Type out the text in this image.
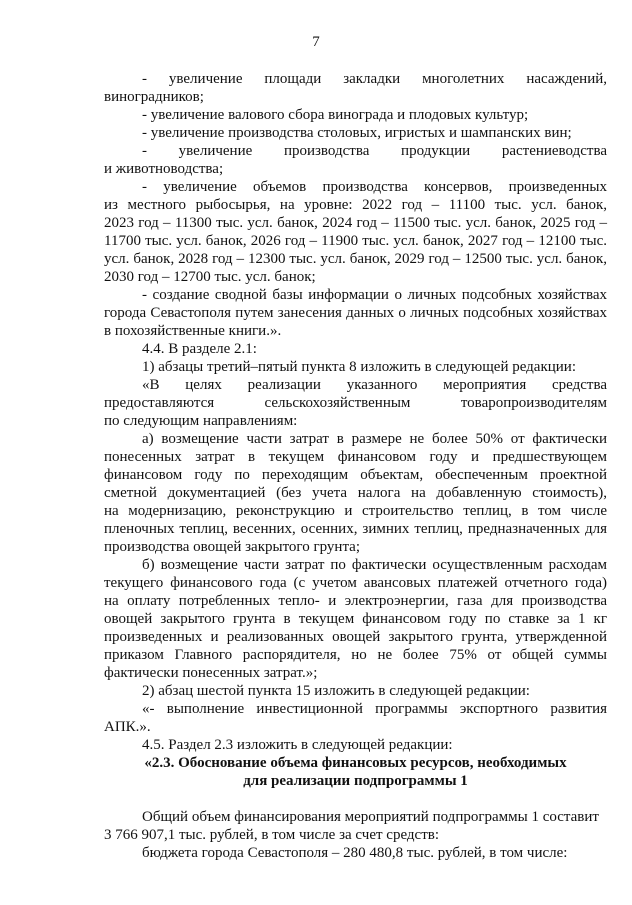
7
- увеличение площади закладки многолетних насаждений,
виноградников;
- увеличение валового сбора винограда и плодовых культур;
- увеличение производства столовых, игристых и шампанских вин;
- увеличение производства продукции растениеводства
и животноводства;
- увеличение объемов производства консервов, произведенных
из местного рыбосырья, на уровне: 2022 год – 11100 тыс. усл. банок,
2023 год – 11300 тыс. усл. банок, 2024 год – 11500 тыс. усл. банок, 2025 год –
11700 тыс. усл. банок, 2026 год – 11900 тыс. усл. банок, 2027 год – 12100 тыс.
усл. банок, 2028 год – 12300 тыс. усл. банок, 2029 год – 12500 тыс. усл. банок,
2030 год – 12700 тыс. усл. банок;
- создание сводной базы информации о личных подсобных хозяйствах
города Севастополя путем занесения данных о личных подсобных хозяйствах
в похозяйственные книги.».
4.4. В разделе 2.1:
1) абзацы третий–пятый пункта 8 изложить в следующей редакции:
«В целях реализации указанного мероприятия средства
предоставляются сельскохозяйственным товаропроизводителям
по следующим направлениям:
а) возмещение части затрат в размере не более 50% от фактически
понесенных затрат в текущем финансовом году и предшествующем
финансовом году по переходящим объектам, обеспеченным проектной
сметной документацией (без учета налога на добавленную стоимость),
на модернизацию, реконструкцию и строительство теплиц, в том числе
пленочных теплиц, весенних, осенних, зимних теплиц, предназначенных для
производства овощей закрытого грунта;
б) возмещение части затрат по фактически осуществленным расходам
текущего финансового года (с учетом авансовых платежей отчетного года)
на оплату потребленных тепло- и электроэнергии, газа для производства
овощей закрытого грунта в текущем финансовом году по ставке за 1 кг
произведенных и реализованных овощей закрытого грунта, утвержденной
приказом Главного распорядителя, но не более 75% от общей суммы
фактически понесенных затрат.»;
2) абзац шестой пункта 15 изложить в следующей редакции:
«- выполнение инвестиционной программы экспортного развития
АПК.».
4.5. Раздел 2.3 изложить в следующей редакции:
«2.3. Обоснование объема финансовых ресурсов, необходимых
для реализации подпрограммы 1
Общий объем финансирования мероприятий подпрограммы 1 составит
3 766 907,1 тыс. рублей, в том числе за счет средств:
бюджета города Севастополя – 280 480,8 тыс. рублей, в том числе:
